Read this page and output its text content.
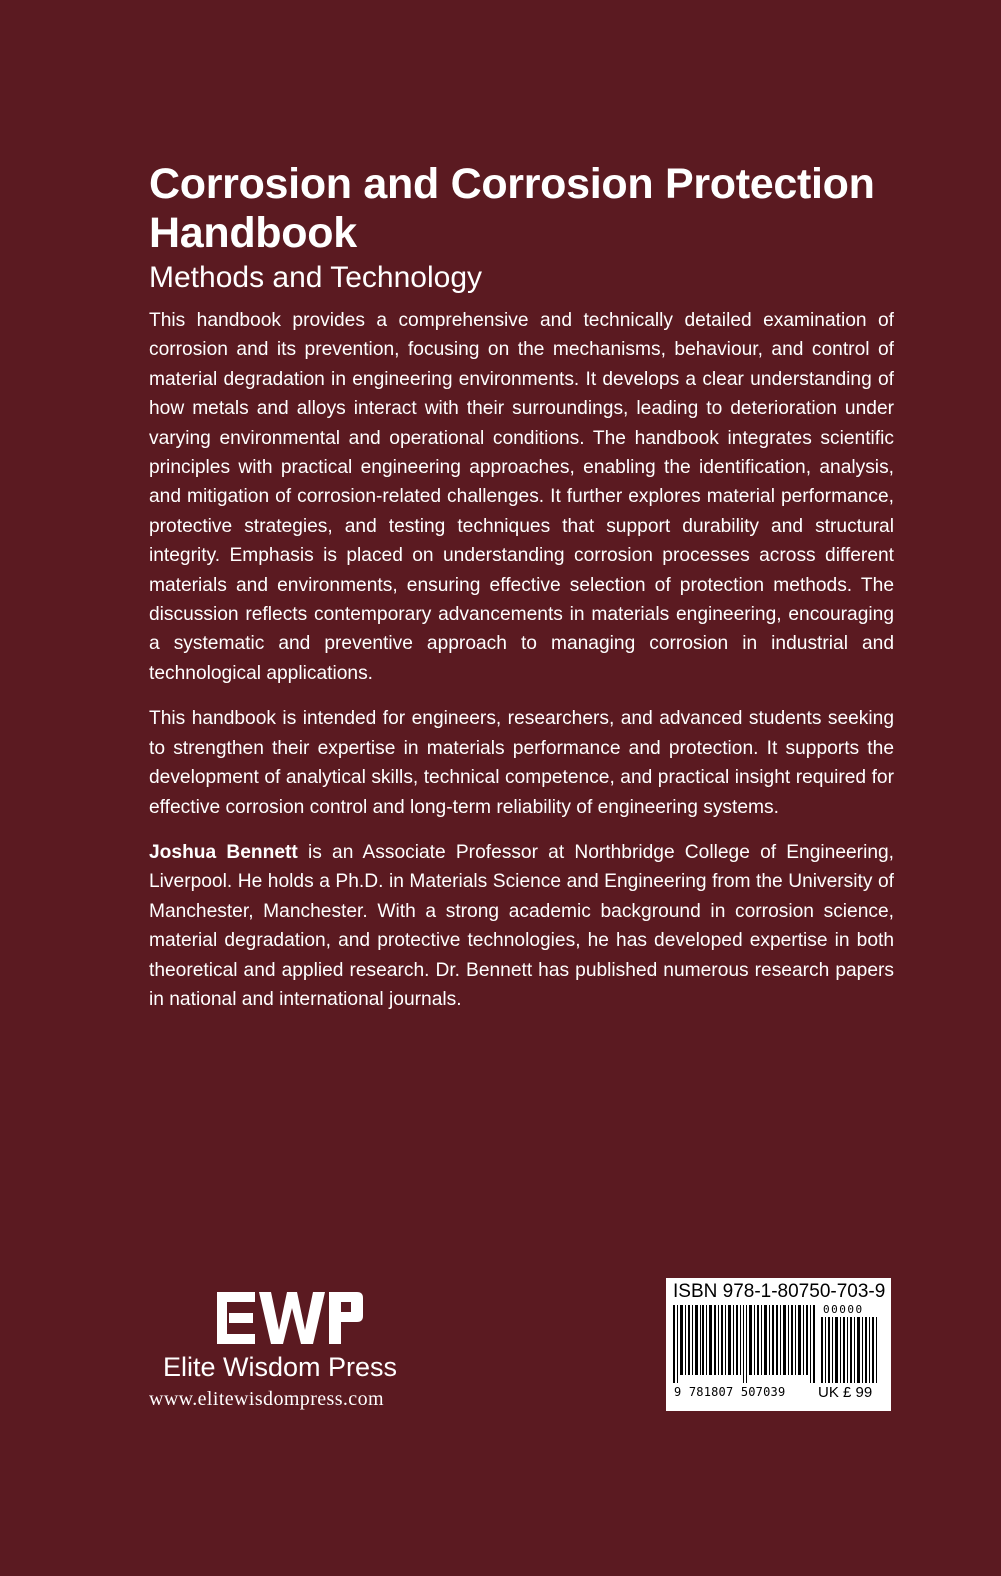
Corrosion and Corrosion Protection Handbook
Methods and Technology

This handbook provides a comprehensive and technically detailed examination of corrosion and its prevention, focusing on the mechanisms, behaviour, and control of material degradation in engineering environments. It develops a clear understanding of how metals and alloys interact with their surroundings, leading to deterioration under varying environmental and operational conditions. The handbook integrates scientific principles with practical engineering approaches, enabling the identification, analysis, and mitigation of corrosion-related challenges. It further explores material performance, protective strategies, and testing techniques that support durability and structural integrity. Emphasis is placed on understanding corrosion processes across different materials and environments, ensuring effective selection of protection methods. The discussion reflects contemporary advancements in materials engineering, encouraging a systematic and preventive approach to managing corrosion in industrial and technological applications.

This handbook is intended for engineers, researchers, and advanced students seeking to strengthen their expertise in materials performance and protection. It supports the development of analytical skills, technical competence, and practical insight required for effective corrosion control and long-term reliability of engineering systems.

Joshua Bennett is an Associate Professor at Northbridge College of Engineering, Liverpool. He holds a Ph.D. in Materials Science and Engineering from the University of Manchester, Manchester. With a strong academic background in corrosion science, material degradation, and protective technologies, he has developed expertise in both theoretical and applied research. Dr. Bennett has published numerous research papers in national and international journals.

Elite Wisdom Press
www.elitewisdompress.com
ISBN 978-1-80750-703-9
00000
9 781807 507039 UK £ 99
